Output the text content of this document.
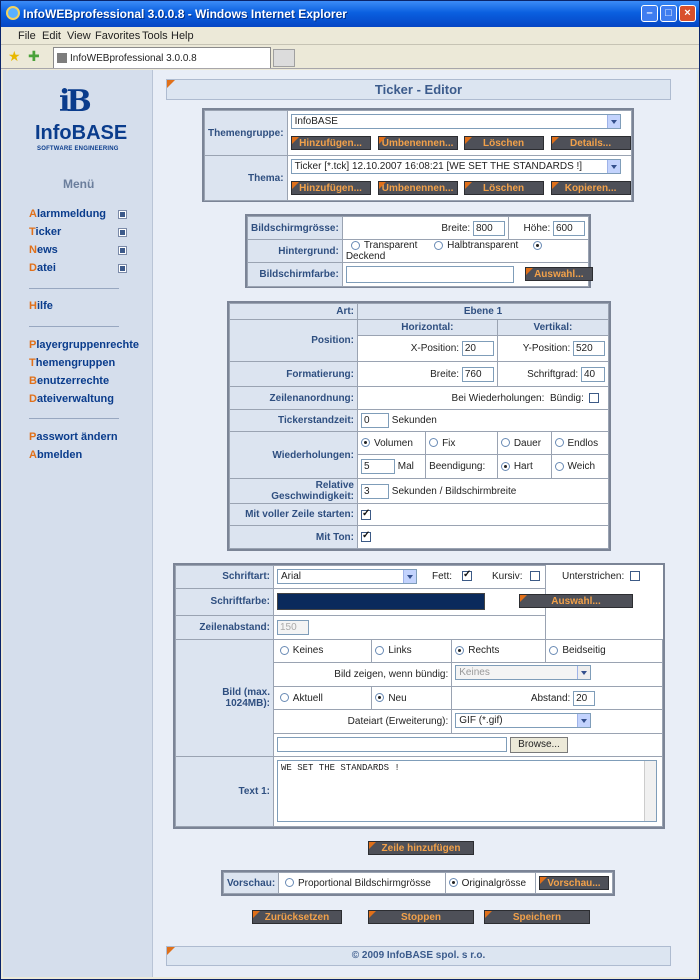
InfoWEBprofessional 3.0.0.8 - Windows Internet Explorer	–	□	×
File Edit View Favorites Tools Help
★ ✚	InfoWEBprofessional 3.0.0.8
iB
InfoBASE
SOFTWARE ENGINEERING
Menü
Alarmmeldung
Ticker
News
Datei
Hilfe
Playergruppenrechte
Themengruppen
Benutzerrechte
Dateiverwaltung
Passwort ändern
Abmelden
Ticker - Editor
Themengruppe:	InfoBASE
Hinzufügen... Umbenennen... Löschen Details...

Thema:	Ticker [*.tck] 12.10.2007 16:08:21 [WE SET THE STANDARDS !]
Hinzufügen... Umbenennen... Löschen Kopieren...
Bildschirmgrösse:	Breite: 800	Höhe: 600
Hintergrund:	Transparent Halbtransparent Deckend	
Bildschirmfarbe:	Auswahl...	
Art:	Ebene 1			
Position:	Horizontal:		Vertikal:	
	X-Position: 20		Y-Position: 520	
Formatierung:	Breite: 760		Schriftgrad: 40	
Zeilenanordnung:	Bei Wiederholungen: Bündig:			
Tickerstandzeit:	0 Sekunden			
Wiederholungen:	Volumen	Fix	Dauer	Endlos
	5 Mal	Beendigung:	Hart	Weich
Relative Geschwindigkeit:	3 Sekunden / Bildschirmbreite			
Mit voller Zeile starten:	✓
Mit Ton:	✓
Schriftart:	Arial Fett: ✓ Kursiv: Unterstrichen:

Schriftfarbe:	Auswahl...			

Zeilenabstand:	150			
Bild (max. 1024MB):	Keines	Links	Rechts	Beidseitig
	Bild zeigen, wenn bündig:		Keines	

	Aktuell	Neu	Abstand: 20	
	Dateiart (Erweiterung):		GIF (*.gif)	

	Browse...			

Text 1:	WE SET THE STANDARDS !			
Zeile hinzufügen
Vorschau:	Proportional Bildschirmgrösse	Originalgrösse	Vorschau...
Zurücksetzen	Stoppen	Speichern
© 2009 InfoBASE spol. s r.o.
